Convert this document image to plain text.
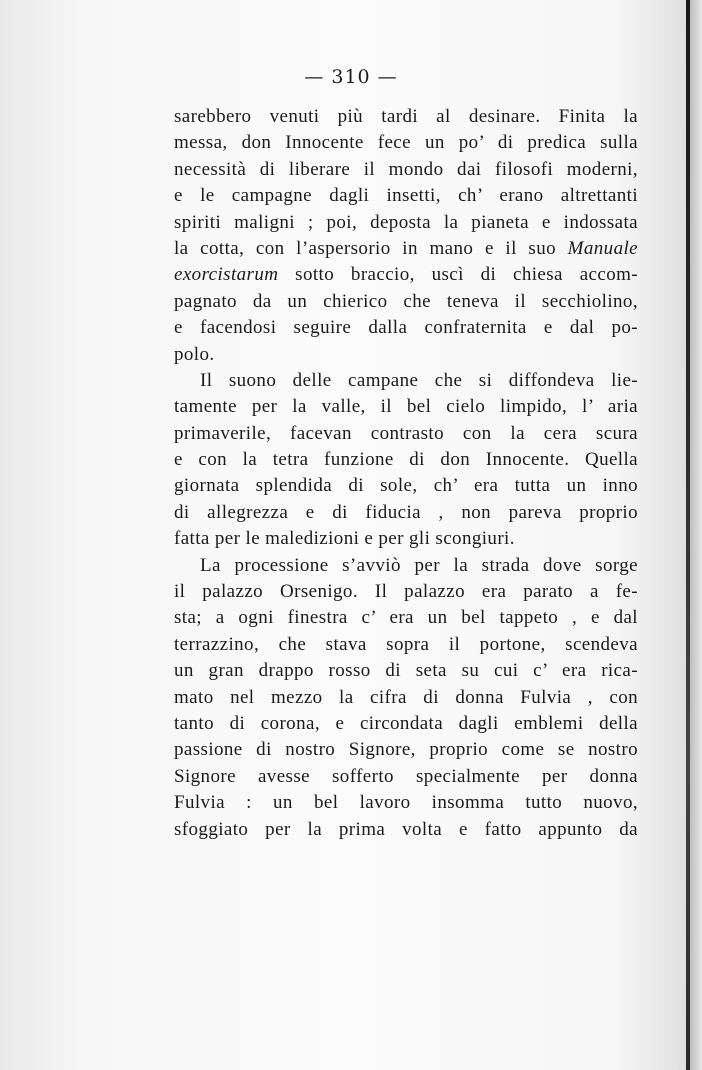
— 310 —
sarebbero venuti più tardi al desinare. Finita la
messa, don Innocente fece un po’ di predica sulla
necessità di liberare il mondo dai filosofi moderni,
e le campagne dagli insetti, ch’ erano altrettanti
spiriti maligni ; poi, deposta la pianeta e indossata
la cotta, con l’aspersorio in mano e il suo Manuale
exorcistarum sotto braccio, uscì di chiesa accom-
pagnato da un chierico che teneva il secchiolino,
e facendosi seguire dalla confraternita e dal po-
polo.
Il suono delle campane che si diffondeva lie-
tamente per la valle, il bel cielo limpido, l’ aria
primaverile, facevan contrasto con la cera scura
e con la tetra funzione di don Innocente. Quella
giornata splendida di sole, ch’ era tutta un inno
di allegrezza e di fiducia , non pareva proprio
fatta per le maledizioni e per gli scongiuri.
La processione s’avviò per la strada dove sorge
il palazzo Orsenigo. Il palazzo era parato a fe-
sta; a ogni finestra c’ era un bel tappeto , e dal
terrazzino, che stava sopra il portone, scendeva
un gran drappo rosso di seta su cui c’ era rica-
mato nel mezzo la cifra di donna Fulvia , con
tanto di corona, e circondata dagli emblemi della
passione di nostro Signore, proprio come se nostro
Signore avesse sofferto specialmente per donna
Fulvia : un bel lavoro insomma tutto nuovo,
sfoggiato per la prima volta e fatto appunto da
